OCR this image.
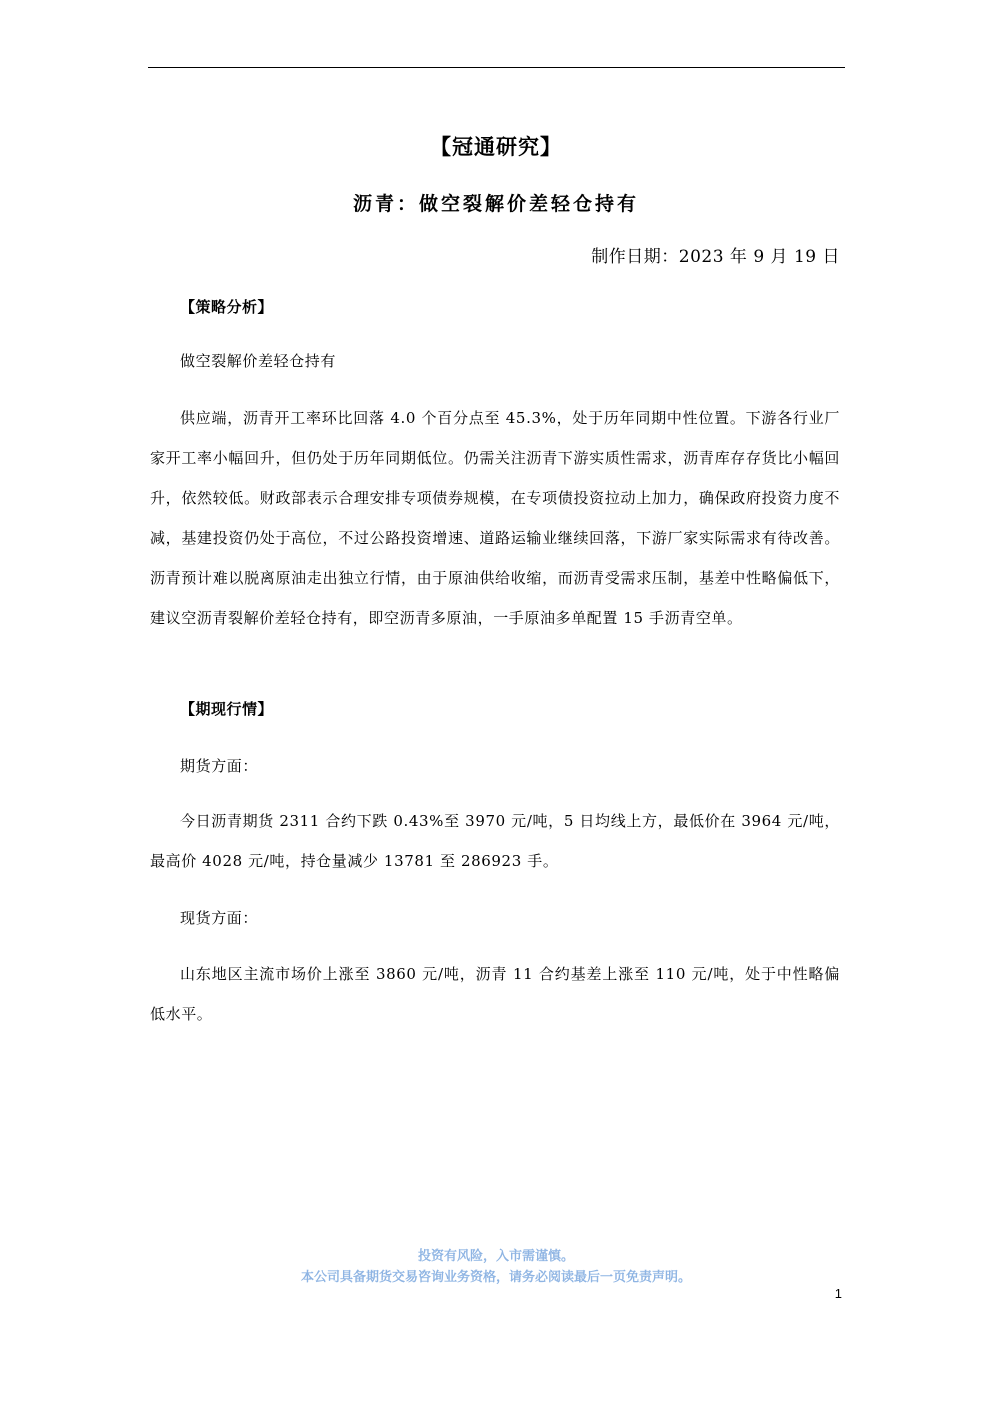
【冠通研究】
沥青：做空裂解价差轻仓持有
制作日期：2023 年 9 月 19 日
【策略分析】

做空裂解价差轻仓持有

供应端，沥青开工率环比回落 4.0 个百分点至 45.3%，处于历年同期中性位置。下游各行业厂家开工率小幅回升，但仍处于历年同期低位。仍需关注沥青下游实质性需求，沥青库存存货比小幅回升，依然较低。财政部表示合理安排专项债券规模，在专项债投资拉动上加力，确保政府投资力度不减，基建投资仍处于高位，不过公路投资增速、道路运输业继续回落，下游厂家实际需求有待改善。沥青预计难以脱离原油走出独立行情，由于原油供给收缩，而沥青受需求压制，基差中性略偏低下，建议空沥青裂解价差轻仓持有，即空沥青多原油，一手原油多单配置 15 手沥青空单。

【期现行情】

期货方面：

今日沥青期货 2311 合约下跌 0.43%至 3970 元/吨，5 日均线上方，最低价在 3964 元/吨，最高价 4028 元/吨，持仓量减少 13781 至 286923 手。

现货方面：

山东地区主流市场价上涨至 3860 元/吨，沥青 11 合约基差上涨至 110 元/吨，处于中性略偏低水平。

投资有风险，入市需谨慎。
本公司具备期货交易咨询业务资格，请务必阅读最后一页免责声明。
1
